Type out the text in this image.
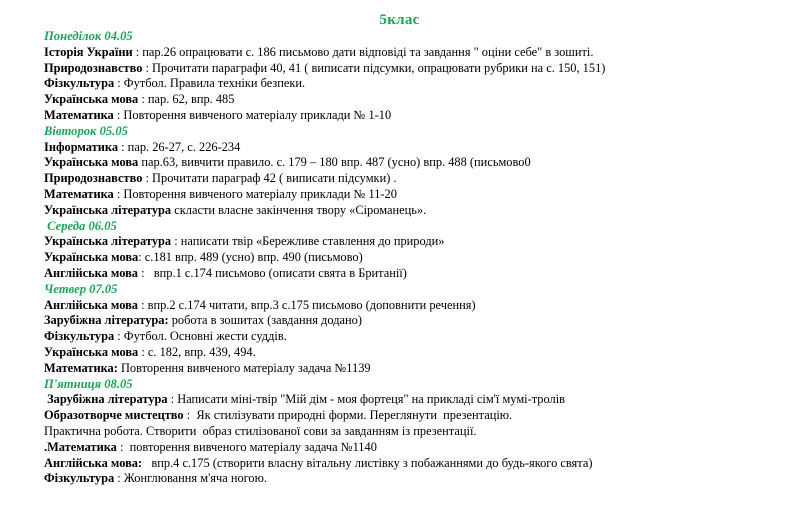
5клас
Понеділок 04.05
Історія України : пар.26 опрацювати с. 186 письмово дати відповіді та завдання " оціни себе" в зошиті.
Природознавство : Прочитати параграфи 40, 41 ( виписати підсумки, опрацювати рубрики на с. 150, 151)
Фізкультура : Футбол. Правила техніки безпеки.
Українська мова : пар. 62, впр. 485
Математика : Повторення вивченого матеріалу приклади № 1-10
Вівторок 05.05
Інформатика : пар. 26-27, с. 226-234
Українська мова пар.63, вивчити правило. с. 179 – 180 впр. 487 (усно) впр. 488 (письмово0
Природознавство : Прочитати параграф 42 ( виписати підсумки) .
Математика : Повторення вивченого матеріалу приклади № 11-20
Українська література скласти власне закінчення твору «Сіроманець».
Середа 06.05
Українська література : написати твір «Бережливе ставлення до природи»
Українська мова: с.181 впр. 489 (усно) впр. 490 (письмово)
Англійська мова :   впр.1 с.174 письмово (описати свята в Британії)
Четвер 07.05
Англійська мова : впр.2 с.174 читати, впр.3 с.175 письмово (доповнити речення)
Зарубіжна література: робота в зошитах (завдання додано)
Фізкультура : Футбол. Основні жести суддів.
Українська мова : с. 182, впр. 439, 494.
Математика: Повторення вивченого матеріалу задача №1139
П'ятниця 08.05
Зарубіжна література : Написати міні-твір "Мій дім - моя фортеця" на прикладі сім'ї мумі-тролів
Образотворче мистецтво :  Як стилізувати природні форми. Переглянути  презентацію.
Практична робота. Створити  образ стилізованої сови за завданням із презентації.
.Математика :  повторення вивченого матеріалу задача №1140
Англійська мова:   впр.4 с.175 (створити власну вітальну листівку з побажаннями до будь-якого свята)
Фізкультура : Жонглювання м'яча ногою.
